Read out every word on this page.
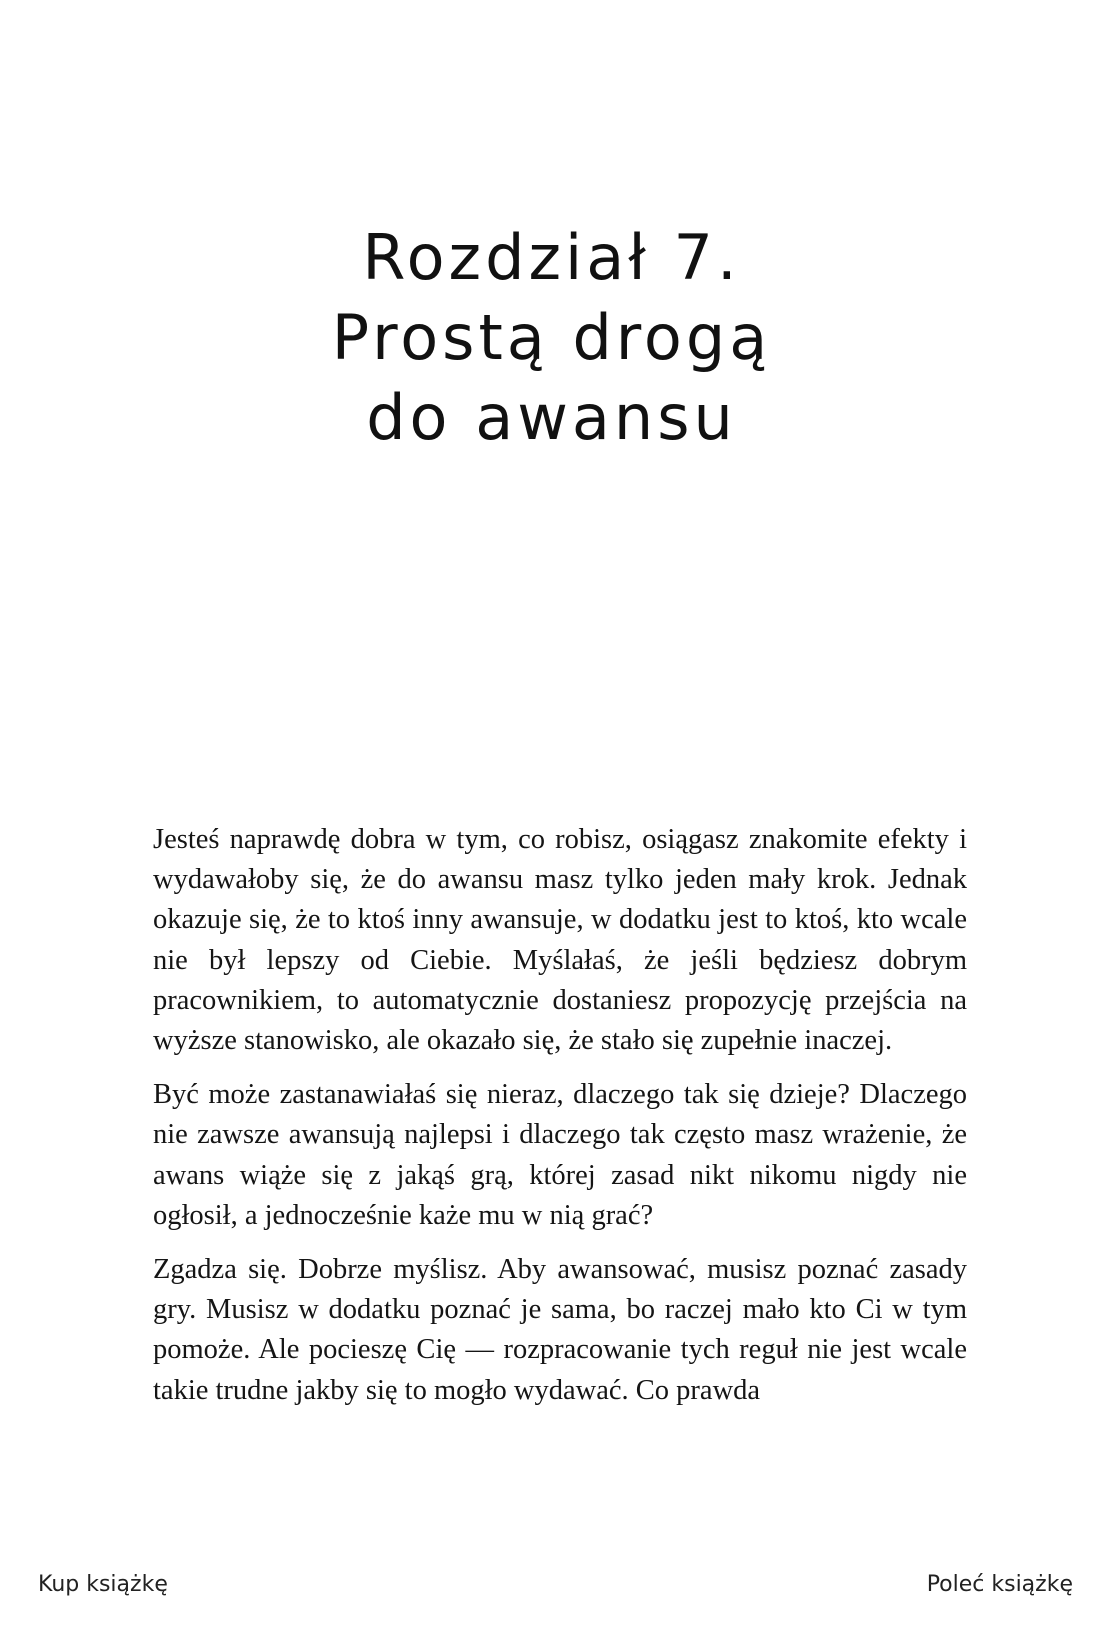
Rozdział 7.
Prostą drogą
do awansu

Jesteś naprawdę dobra w tym, co robisz, osiągasz znakomite efekty i wydawałoby się, że do awansu masz tylko jeden mały krok. Jednak okazuje się, że to ktoś inny awansuje, w dodatku jest to ktoś, kto wcale nie był lepszy od Ciebie. Myślałaś, że jeśli będziesz dobrym pracownikiem, to automatycznie dostaniesz propozycję przejścia na wyższe stanowisko, ale okazało się, że stało się zupełnie inaczej.

Być może zastanawiałaś się nieraz, dlaczego tak się dzieje? Dlaczego nie zawsze awansują najlepsi i dlaczego tak często masz wrażenie, że awans wiąże się z jakąś grą, której zasad nikt nikomu nigdy nie ogłosił, a jednocześnie każe mu w nią grać?

Zgadza się. Dobrze myślisz. Aby awansować, musisz poznać zasady gry. Musisz w dodatku poznać je sama, bo raczej mało kto Ci w tym pomoże. Ale pocieszę Cię — rozpracowanie tych reguł nie jest wcale takie trudne jakby się to mogło wydawać. Co prawda

Kup książkę	Poleć książkę
